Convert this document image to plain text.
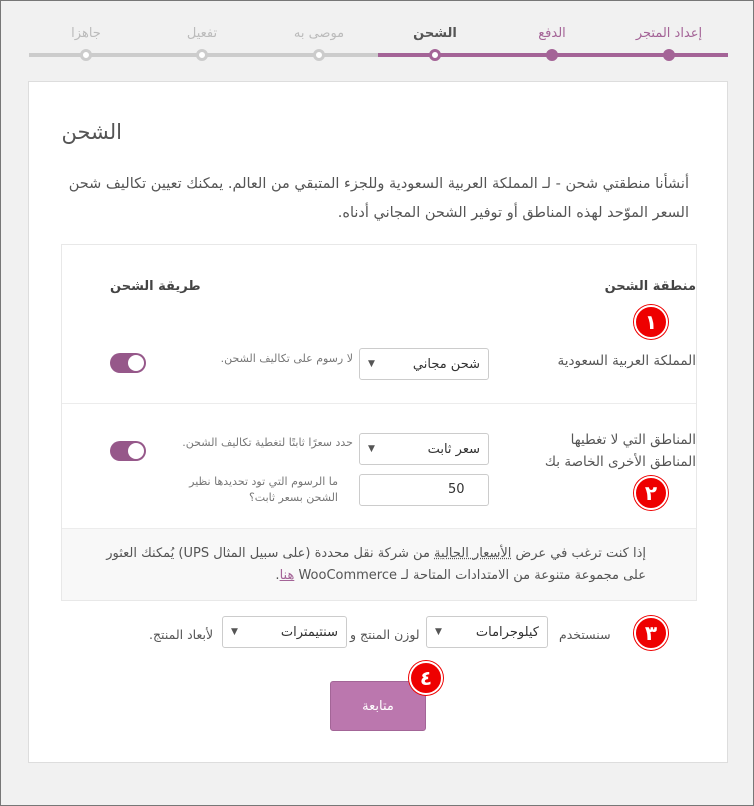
إعداد المتجر
الدفع
الشحن
موصى به
تفعيل
جاهزا
الشحن

أنشأنا منطقتي شحن - لـ المملكة العربية السعودية وللجزء المتبقي من العالم. يمكنك تعيين تكاليف شحن السعر الموّحد لهذه المناطق أو توفير الشحن المجاني أدناه.

منطقة الشحن
طريقة الشحن
المملكة العربية السعودية
شحن مجاني
▼
لا رسوم على تكاليف الشحن.
المناطق التي لا تغطيها المناطق الأخرى الخاصة بك
سعر ثابت
▼
حدد سعرًا ثابتًا لتغطية تكاليف الشحن.
ما الرسوم التي تود تحديدها نظير الشحن بسعر ثابت؟
50

إذا كنت ترغب في عرض الأسعار الحالية من شركة نقل محددة (على سبيل المثال UPS) يُمكنك العثور على مجموعة متنوعة من الامتدادات المتاحة لـ WooCommerce هنا.

سنستخدم
كيلوجرامات
▼
لوزن المنتج و
سنتيمترات
▼
لأبعاد المنتج.
متابعة
١
٢
٣
٤
